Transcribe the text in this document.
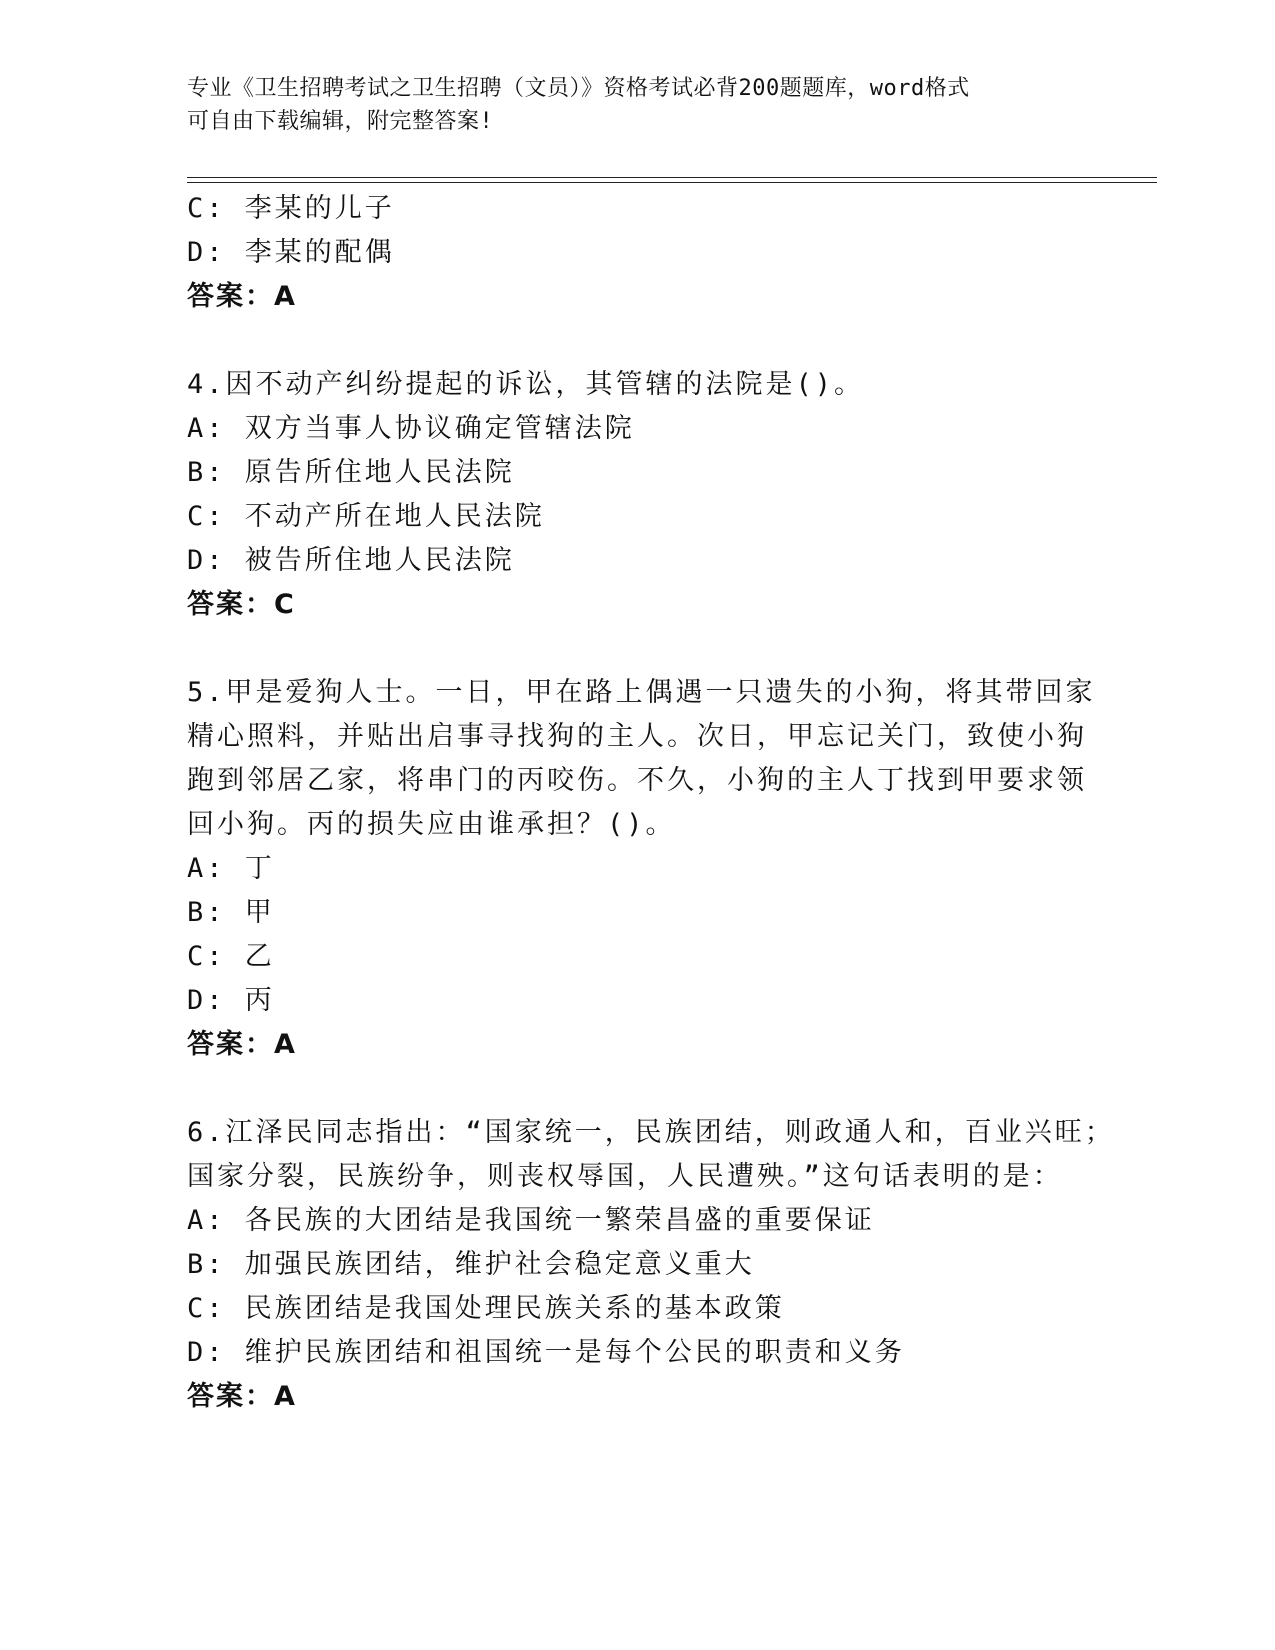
专业《卫生招聘考试之卫生招聘（文员）》资格考试必背200题题库，word格式
可自由下载编辑，附完整答案!
C: 李某的儿子
D: 李某的配偶
答案：A
4.因不动产纠纷提起的诉讼，其管辖的法院是()。
A: 双方当事人协议确定管辖法院
B: 原告所住地人民法院
C: 不动产所在地人民法院
D: 被告所住地人民法院
答案：C
5.甲是爱狗人士。一日，甲在路上偶遇一只遗失的小狗，将其带回家
精心照料，并贴出启事寻找狗的主人。次日，甲忘记关门，致使小狗
跑到邻居乙家，将串门的丙咬伤。不久，小狗的主人丁找到甲要求领
回小狗。丙的损失应由谁承担？()。
A: 丁
B: 甲
C: 乙
D: 丙
答案：A
6.江泽民同志指出：“国家统一，民族团结，则政通人和，百业兴旺；
国家分裂，民族纷争，则丧权辱国，人民遭殃。”这句话表明的是：
A: 各民族的大团结是我国统一繁荣昌盛的重要保证
B: 加强民族团结，维护社会稳定意义重大
C: 民族团结是我国处理民族关系的基本政策
D: 维护民族团结和祖国统一是每个公民的职责和义务
答案：A
